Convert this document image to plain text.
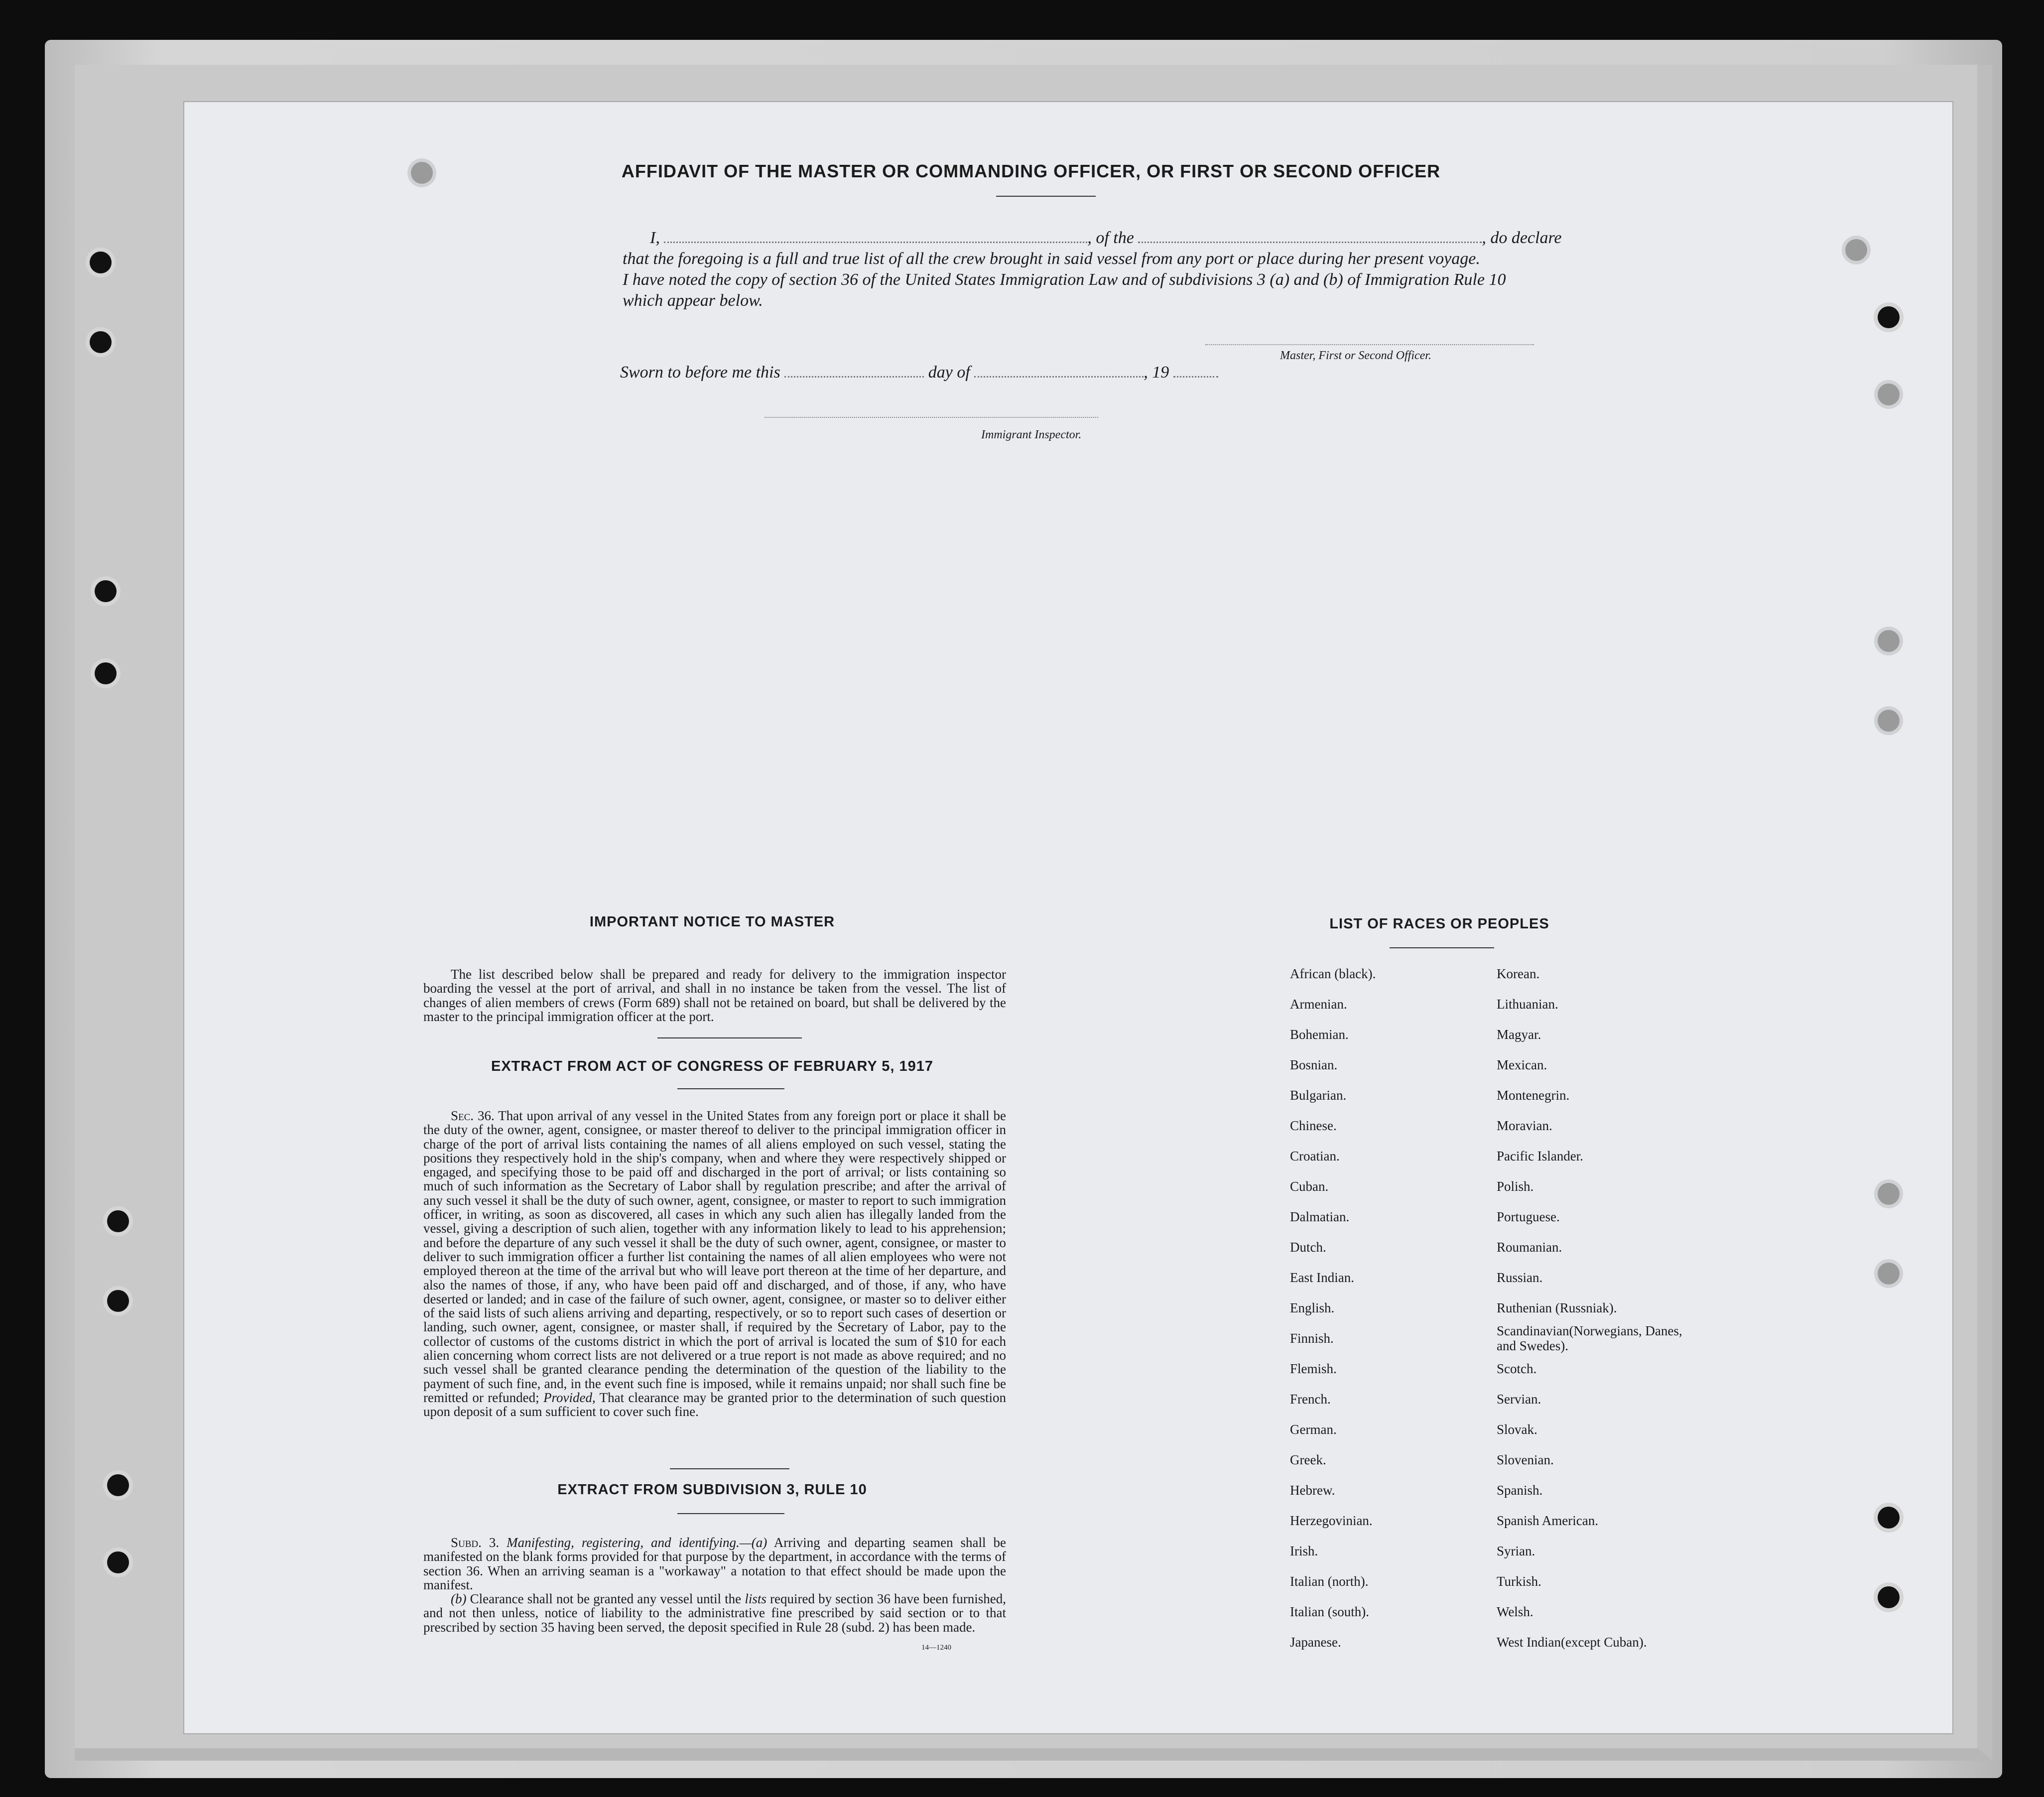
AFFIDAVIT OF THE MASTER OR COMMANDING OFFICER, OR FIRST OR SECOND OFFICER
I,	, of the	, do declare
that the foregoing is a full and true list of all the crew brought in said vessel from any port or place during her present voyage.
I have noted the copy of section 36 of the United States Immigration Law and of subdivisions 3 (a) and (b) of Immigration Rule 10
which appear below.
Master, First or Second Officer.
Sworn to before me this	day of	, 19
Immigrant Inspector.
IMPORTANT NOTICE TO MASTER
The list described below shall be prepared and ready for delivery to the immigration inspector boarding the vessel at the port of arrival, and shall in no instance be taken from the vessel. The list of changes of alien members of crews (Form 689) shall not be retained on board, but shall be delivered by the master to the principal immigration officer at the port.
EXTRACT FROM ACT OF CONGRESS OF FEBRUARY 5, 1917
Sec. 36. That upon arrival of any vessel in the United States from any foreign port or place it shall be the duty of the owner, agent, consignee, or master thereof to deliver to the principal immigration officer in charge of the port of arrival lists containing the names of all aliens employed on such vessel, stating the positions they respectively hold in the ship's company, when and where they were respectively shipped or engaged, and specifying those to be paid off and discharged in the port of arrival; or lists containing so much of such information as the Secretary of Labor shall by regulation prescribe; and after the arrival of any such vessel it shall be the duty of such owner, agent, consignee, or master to report to such immigration officer, in writing, as soon as discovered, all cases in which any such alien has illegally landed from the vessel, giving a description of such alien, together with any information likely to lead to his apprehension; and before the departure of any such vessel it shall be the duty of such owner, agent, consignee, or master to deliver to such immigration officer a further list containing the names of all alien employees who were not employed thereon at the time of the arrival but who will leave port thereon at the time of her departure, and also the names of those, if any, who have been paid off and discharged, and of those, if any, who have deserted or landed; and in case of the failure of such owner, agent, consignee, or master so to deliver either of the said lists of such aliens arriving and departing, respectively, or so to report such cases of desertion or landing, such owner, agent, consignee, or master shall, if required by the Secretary of Labor, pay to the collector of customs of the customs district in which the port of arrival is located the sum of $10 for each alien concerning whom correct lists are not delivered or a true report is not made as above required; and no such vessel shall be granted clearance pending the determination of the question of the liability to the payment of such fine, and, in the event such fine is imposed, while it remains unpaid; nor shall such fine be remitted or refunded; Provided, That clearance may be granted prior to the determination of such question upon deposit of a sum sufficient to cover such fine.
EXTRACT FROM SUBDIVISION 3, RULE 10
Subd. 3. Manifesting, registering, and identifying.—(a) Arriving and departing seamen shall be manifested on the blank forms provided for that purpose by the department, in accordance with the terms of section 36. When an arriving seaman is a "workaway" a notation to that effect should be made upon the manifest.
(b) Clearance shall not be granted any vessel until the lists required by section 36 have been furnished, and not then unless, notice of liability to the administrative fine prescribed by said section or to that prescribed by section 35 having been served, the deposit specified in Rule 28 (subd. 2) has been made.
14—1240
LIST OF RACES OR PEOPLES
African (black).
Armenian.
Bohemian.
Bosnian.
Bulgarian.
Chinese.
Croatian.
Cuban.
Dalmatian.
Dutch.
East Indian.
English.
Finnish.
Flemish.
French.
German.
Greek.
Hebrew.
Herzegovinian.
Irish.
Italian (north).
Italian (south).
Japanese.
Korean.
Lithuanian.
Magyar.
Mexican.
Montenegrin.
Moravian.
Pacific Islander.
Polish.
Portuguese.
Roumanian.
Russian.
Ruthenian (Russniak).
Scandinavian(Norwegians, Danes, and Swedes).
Scotch.
Servian.
Slovak.
Slovenian.
Spanish.
Spanish American.
Syrian.
Turkish.
Welsh.
West Indian(except Cuban).
